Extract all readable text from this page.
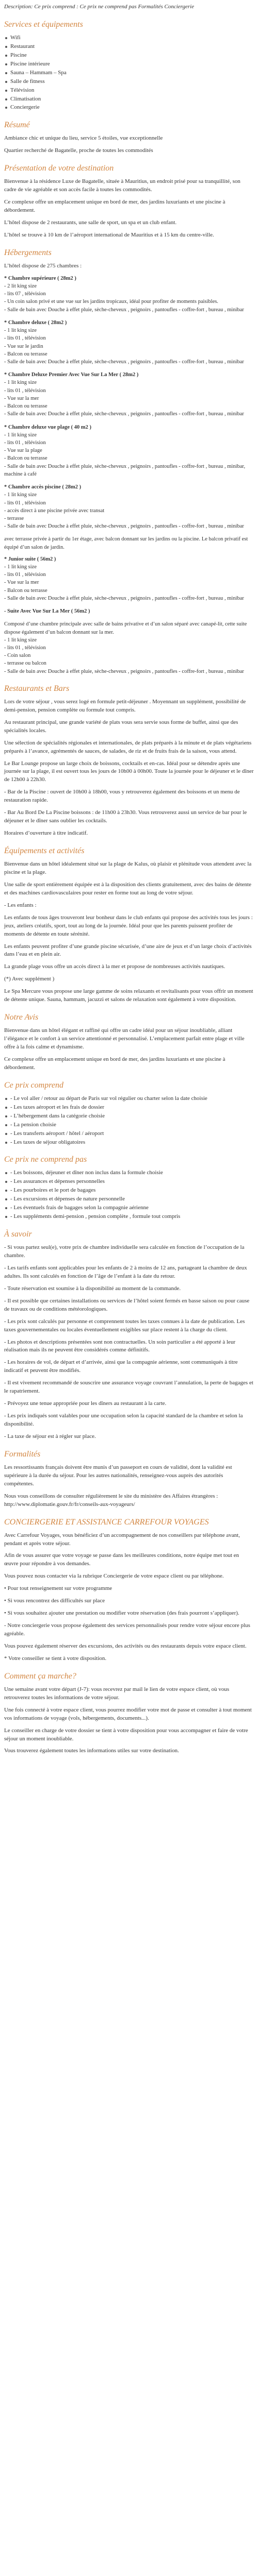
Description: Ce prix comprend : Ce prix ne comprend pas Formalités Conciergerie

Services et équipements
Wifi
Restaurant
Piscine
Piscine intérieure
Sauna – Hammam – Spa
Salle de fitness
Télévision
Climatisation
Conciergerie
Résumé

Ambiance chic et unique du lieu, service 5 étoiles, vue exceptionnelle

Quartier recherché de Bagatelle, proche de toutes les commodités

Présentation de votre destination

Bienvenue à la résidence Luxe de Bagatelle, située à Mauritius, un endroit prisé pour sa tranquillité, son cadre de vie agréable et son accès facile à toutes les commodités.

Ce complexe offre un emplacement unique en bord de mer, des jardins luxuriants et une piscine à débordement.

L’hôtel dispose de 2 restaurants, une salle de sport, un spa et un club enfant.

L’hôtel se trouve à 10 km de l’aéroport international de Mauritius et à 15 km du centre-ville.

Hébergements

L’hôtel dispose de 275 chambres :

* Chambre supérieure ( 28m2 )
- 2 lit king size
- lits 07 , télévision
- Un coin salon privé et une vue sur les jardins tropicaux, idéal pour profiter de moments paisibles.
- Salle de bain avec Douche à effet pluie, sèche-cheveux , peignoirs , pantoufles - coffre-fort , bureau , minibar
* Chambre deluxe ( 28m2 )
- 1 lit king size
- lits 01 , télévision
- Vue sur le jardin
- Balcon ou terrasse
- Salle de bain avec Douche à effet pluie, sèche-cheveux , peignoirs , pantoufles - coffre-fort , bureau , minibar
* Chambre Deluxe Premier Avec Vue Sur La Mer ( 28m2 )
- 1 lit king size
- lits 01 , télévision
- Vue sur la mer
- Balcon ou terrasse
- Salle de bain avec Douche à effet pluie, sèche-cheveux , peignoirs , pantoufles - coffre-fort , bureau , minibar
* Chambre deluxe vue plage ( 40 m2 )
- 1 lit king size
- lits 01 , télévision
- Vue sur la plage
- Balcon ou terrasse
- Salle de bain avec Douche à effet pluie, sèche-cheveux , peignoirs , pantoufles - coffre-fort , bureau , minibar, machine à café
* Chambre accès piscine ( 28m2 )
- 1 lit king size
- lits 01 , télévision
- accès direct à une piscine privée avec transat
- terrasse
- Salle de bain avec Douche à effet pluie, sèche-cheveux , peignoirs , pantoufles - coffre-fort , bureau , minibar

avec terrasse privée à partir du 1er étage, avec balcon donnant sur les jardins ou la piscine. Le balcon privatif est équipé d’un salon de jardin.

* Junior suite ( 56m2 )
- 1 lit king size
- lits 01 , télévision
- Vue sur la mer
- Balcon ou terrasse
- Salle de bain avec Douche à effet pluie, sèche-cheveux , peignoirs , pantoufles - coffre-fort , bureau , minibar
- Suite Avec Vue Sur La Mer ( 56m2 )
Composé d’une chambre principale avec salle de bains privative et d’un salon séparé avec canapé-lit, cette suite dispose également d’un balcon donnant sur la mer.
- 1 lit king size
- lits 01 , télévision
- Coin salon
- terrasse ou balcon
- Salle de bain avec Douche à effet pluie, sèche-cheveux , peignoirs , pantoufles - coffre-fort , bureau , minibar
Restaurants et Bars

Lors de votre séjour , vous serez logé en formule petit-déjeuner . Moyennant un supplément, possibilité de demi-pension, pension complète ou formule tout compris.

Au restaurant principal, une grande variété de plats vous sera servie sous forme de buffet, ainsi que des spécialités locales.

Une sélection de spécialités régionales et internationales, de plats préparés à la minute et de plats végétariens préparés à l’avance, agrémentés de sauces, de salades, de riz et de fruits frais de la saison, vous attend.

Le Bar Lounge propose un large choix de boissons, cocktails et en-cas. Idéal pour se détendre après une journée sur la plage, il est ouvert tous les jours de 10h00 à 00h00. Toute la journée pour le déjeuner et le dîner de 12h00 à 22h30.

- Bar de la Piscine : ouvert de 10h00 à 18h00, vous y retrouverez également des boissons et un menu de restauration rapide.

- Bar Au Bord De La Piscine boissons : de 11h00 à 23h30. Vous retrouverez aussi un service de bar pour le déjeuner et le dîner sans oublier les cocktails.

Horaires d’ouverture à titre indicatif.

Équipements et activités

Bienvenue dans un hôtel idéalement situé sur la plage de Kalus, où plaisir et plénitude vous attendent avec la piscine et la plage.

Une salle de sport entièrement équipée est à la disposition des clients gratuitement, avec des bains de détente et des machines cardiovasculaires pour rester en forme tout au long de votre séjour.

- Les enfants :

Les enfants de tous âges trouveront leur bonheur dans le club enfants qui propose des activités tous les jours : jeux, ateliers créatifs, sport, tout au long de la journée. Idéal pour que les parents puissent profiter de moments de détente en toute sérénité.

Les enfants peuvent profiter d’une grande piscine sécurisée, d’une aire de jeux et d’un large choix d’activités dans l’eau et en plein air.

La grande plage vous offre un accès direct à la mer et propose de nombreuses activités nautiques.

(*) Avec supplément )

Le Spa Mercure vous propose une large gamme de soins relaxants et revitalisants pour vous offrir un moment de détente unique. Sauna, hammam, jacuzzi et salons de relaxation sont également à votre disposition.

Notre Avis

Bienvenue dans un hôtel élégant et raffiné qui offre un cadre idéal pour un séjour inoubliable, alliant l’élégance et le confort à un service attentionné et personnalisé. L’emplacement parfait entre plage et ville offre à la fois calme et dynamisme.

Ce complexe offre un emplacement unique en bord de mer, des jardins luxuriants et une piscine à débordement.

Ce prix comprend
- Le vol aller / retour au départ de Paris sur vol régulier ou charter selon la date choisie
- Les taxes aéroport et les frais de dossier
- L’hébergement dans la catégorie choisie
- La pension choisie
- Les transferts aéroport / hôtel / aéroport
- Les taxes de séjour obligatoires
Ce prix ne comprend pas
- Les boissons, déjeuner et dîner non inclus dans la formule choisie
- Les assurances et dépenses personnelles
- Les pourboires et le port de bagages
- Les excursions et dépenses de nature personnelle
- Les éventuels frais de bagages selon la compagnie aérienne
- Les suppléments demi-pension , pension complète , formule tout compris
À savoir

- Si vous partez seul(e), votre prix de chambre individuelle sera calculée en fonction de l’occupation de la chambre.

- Les tarifs enfants sont applicables pour les enfants de 2 à moins de 12 ans, partageant la chambre de deux adultes. Ils sont calculés en fonction de l’âge de l’enfant à la date du retour.

- Toute réservation est soumise à la disponibilité au moment de la commande.

- Il est possible que certaines installations ou services de l’hôtel soient fermés en basse saison ou pour cause de travaux ou de conditions météorologiques.

- Les prix sont calculés par personne et comprennent toutes les taxes connues à la date de publication. Les taxes gouvernementales ou locales éventuellement exigibles sur place restent à la charge du client.

- Les photos et descriptions présentées sont non contractuelles. Un soin particulier a été apporté à leur réalisation mais ils ne peuvent être considérés comme définitifs.

- Les horaires de vol, de départ et d’arrivée, ainsi que la compagnie aérienne, sont communiqués à titre indicatif et peuvent être modifiés.

- Il est vivement recommandé de souscrire une assurance voyage couvrant l’annulation, la perte de bagages et le rapatriement.

- Prévoyez une tenue appropriée pour les dîners au restaurant à la carte.

- Les prix indiqués sont valables pour une occupation selon la capacité standard de la chambre et selon la disponibilité.

- La taxe de séjour est à régler sur place.

Formalités

Les ressortissants français doivent être munis d’un passeport en cours de validité, dont la validité est supérieure à la durée du séjour. Pour les autres nationalités, renseignez-vous auprès des autorités compétentes.

Nous vous conseillons de consulter régulièrement le site du ministère des Affaires étrangères : http://www.diplomatie.gouv.fr/fr/conseils-aux-voyageurs/

CONCIERGERIE ET ASSISTANCE CARREFOUR VOYAGES

Avec Carrefour Voyages, vous bénéficiez d’un accompagnement de nos conseillers par téléphone avant, pendant et après votre séjour.

Afin de vous assurer que votre voyage se passe dans les meilleures conditions, notre équipe met tout en œuvre pour répondre à vos demandes.

Vous pouvez nous contacter via la rubrique Conciergerie de votre espace client ou par téléphone.

• Pour tout renseignement sur votre programme

• Si vous rencontrez des difficultés sur place

• Si vous souhaitez ajouter une prestation ou modifier votre réservation (des frais pourront s’appliquer).

- Notre conciergerie vous propose également des services personnalisés pour rendre votre séjour encore plus agréable.

Vous pouvez également réserver des excursions, des activités ou des restaurants depuis votre espace client.

* Votre conseiller se tient à votre disposition.

Comment ça marche?

Une semaine avant votre départ (J-7): vous recevrez par mail le lien de votre espace client, où vous retrouverez toutes les informations de votre séjour.

Une fois connecté à votre espace client, vous pourrez modifier votre mot de passe et consulter à tout moment vos informations de voyage (vols, hébergements, documents...).

Le conseiller en charge de votre dossier se tient à votre disposition pour vous accompagner et faire de votre séjour un moment inoubliable.

Vous trouverez également toutes les informations utiles sur votre destination.
